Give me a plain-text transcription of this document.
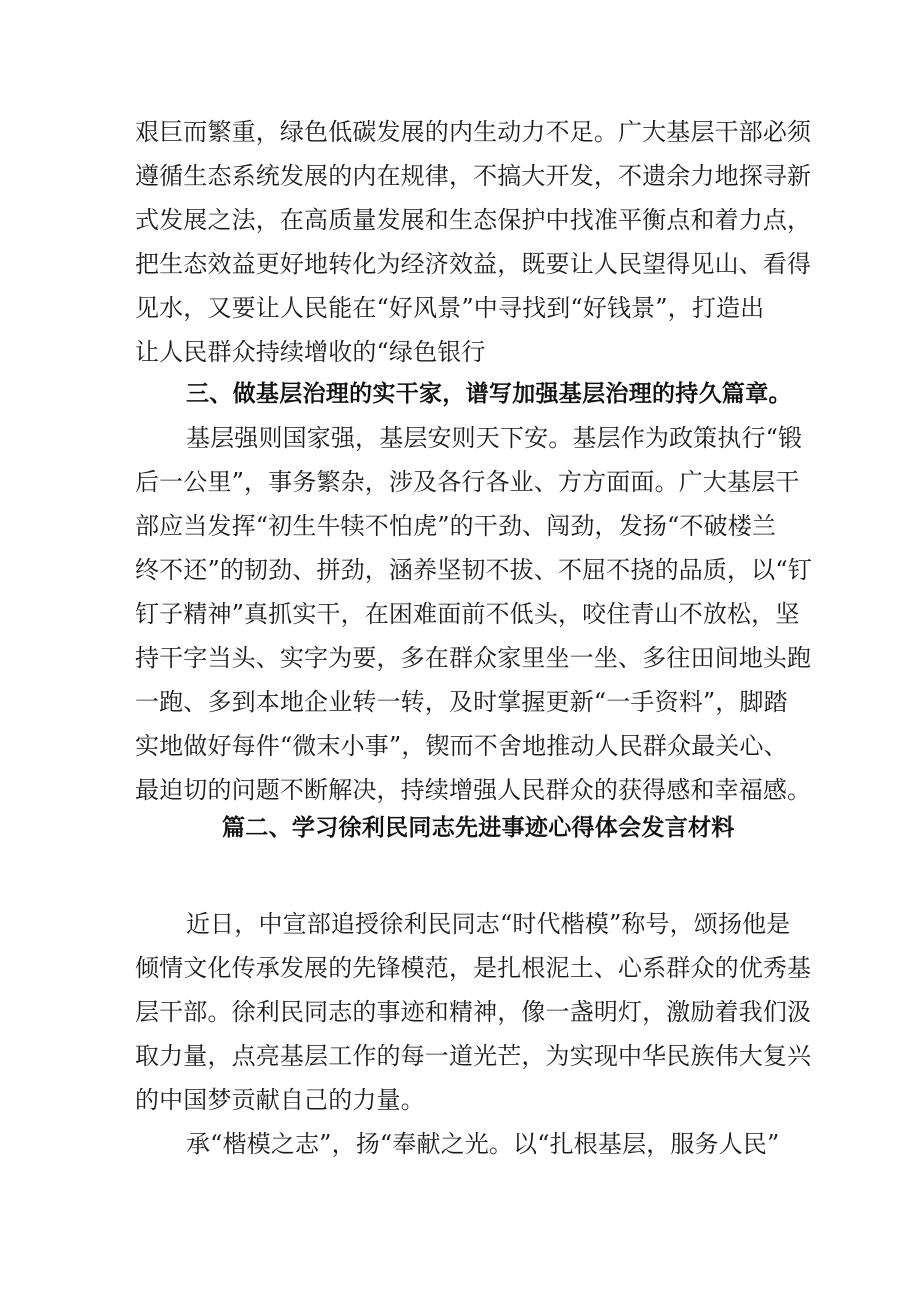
艰巨而繁重，绿色低碳发展的内生动力不足。广大基层干部必须
遵循生态系统发展的内在规律，不搞大开发，不遗余力地探寻新
式发展之法，在高质量发展和生态保护中找准平衡点和着力点，
把生态效益更好地转化为经济效益，既要让人民望得见山、看得
见水，又要让人民能在“好风景”中寻找到“好钱景”，打造出
让人民群众持续增收的“绿色银行
三、做基层治理的实干家，谱写加强基层治理的持久篇章。
基层强则国家强，基层安则天下安。基层作为政策执行“锻
后一公里”，事务繁杂，涉及各行各业、方方面面。广大基层干
部应当发挥“初生牛犊不怕虎”的干劲、闯劲，发扬“不破楼兰
终不还”的韧劲、拼劲，涵养坚韧不拔、不屈不挠的品质，以“钉
钉子精神”真抓实干，在困难面前不低头，咬住青山不放松，坚
持干字当头、实字为要，多在群众家里坐一坐、多往田间地头跑
一跑、多到本地企业转一转，及时掌握更新“一手资料”，脚踏
实地做好每件“微末小事”，锲而不舍地推动人民群众最关心、
最迫切的问题不断解决，持续增强人民群众的获得感和幸福感。
篇二、学习徐利民同志先进事迹心得体会发言材料
近日，中宣部追授徐利民同志“时代楷模”称号，颂扬他是
倾情文化传承发展的先锋模范，是扎根泥土、心系群众的优秀基
层干部。徐利民同志的事迹和精神，像一盏明灯，激励着我们汲
取力量，点亮基层工作的每一道光芒，为实现中华民族伟大复兴
的中国梦贡献自己的力量。
承“楷模之志”，扬“奉献之光。以“扎根基层，服务人民”
